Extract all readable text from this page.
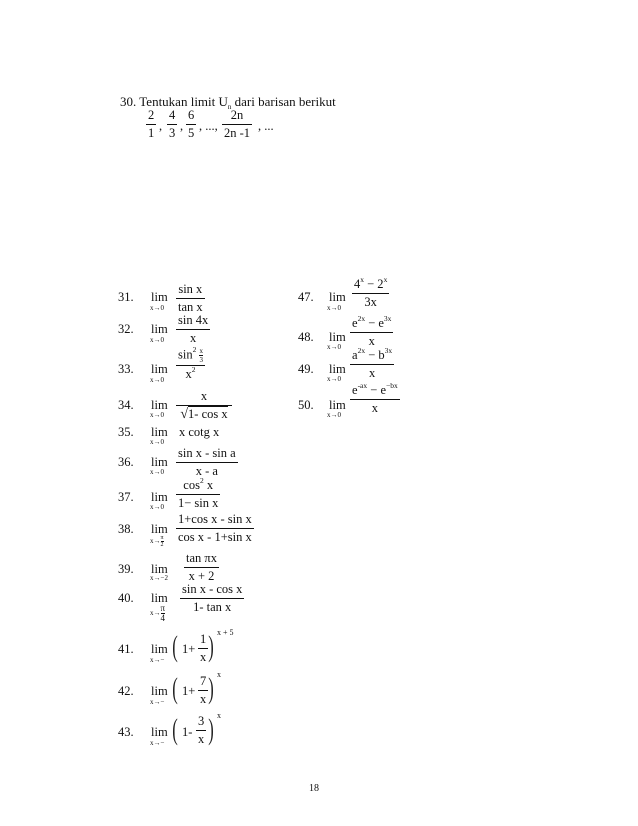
30. Tentukan limit $U_n$ dari barisan berikut
$\frac{2}{1}$ , $\frac{4}{3}$ , $\frac{6}{5}$ , ..., $\frac{2n}{2n -1}$ , ...
31. lim
$x\to 0 \frac{\text{sin x}}{\text{tan x}}$
32. lim
$x\to 0 \frac{\sin 4x}{x}$
33. lim
$x\to 0 \frac{\sin^2 \frac{x}{3}}{x^2}$
34. lim
$x\to 0 \frac{x}{\text{√1- cos x}}$
35. lim
x→0
x cotg x
36. lim
$x\to 0 \frac{\text{sin x - sin a}}{x - a}$
37. lim
$x\to 0 \frac{\cos^2 x}{\text{1− sin x}}$
38. lim
$x\to \frac{\pi}{2} \frac{\text{1+cos x - sin x}}{\text{cos x - 1+sin x}}$
39. lim
$x\to-2 \frac{\text{tan πx}}{x + 2}$
40. lim
$x\to \frac{\pi}{4} \frac{\text{sin x - cos x}}{\text{1- tan x}}$
41. lim
x→− ( $1+ \frac{1}{x}$ ) x + 5
42. lim
x→− ( $1+ \frac{7}{x}$ ) x
43. lim
x→− ( $1- \frac{3}{x}$ ) x
47. lim
$x\to 0 \frac{4^x - 2^x}{3x}$
48. lim
$x\to 0 \frac{e^{2x} - e^{3x}}{x}$
49. lim
$x\to 0 \frac{a^{2x} - b^{3x}}{x}$
50. lim
$x\to 0 \frac{e^{-ax} - e^{-bx}}{x}$
18
